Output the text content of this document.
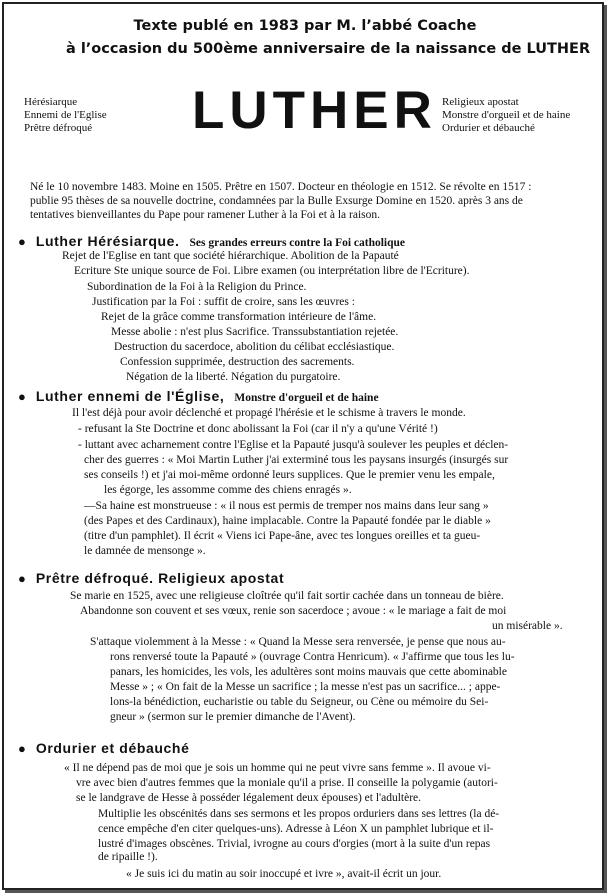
Texte publé en 1983 par M. l’abbé Coache
à l’occasion du 500ème anniversaire de la naissance de LUTHER
Hérésiarque
Ennemi de l'Eglise
Prêtre défroqué LUTHER Religieux apostat
Monstre d'orgueil et de haine
Ordurier et débauché
Né le 10 novembre 1483. Moine en 1505. Prêtre en 1507. Docteur en théologie en 1512. Se révolte en 1517 :
publie 95 thèses de sa nouvelle doctrine, condamnées par la Bulle Exsurge Domine en 1520. après 3 ans de
tentatives bienveillantes du Pape pour ramener Luther à la Foi et à la raison.
● Luther Hérésiarque. Ses grandes erreurs contre la Foi catholique
Rejet de l'Eglise en tant que société hiérarchique. Abolition de la Papauté
Ecriture Ste unique source de Foi. Libre examen (ou interprétation libre de l'Ecriture).
Subordination de la Foi à la Religion du Prince.
Justification par la Foi : suffit de croire, sans les œuvres :
Rejet de la grâce comme transformation intérieure de l'âme.
Messe abolie : n'est plus Sacrifice. Transsubstantiation rejetée.
Destruction du sacerdoce, abolition du célibat ecclésiastique.
Confession supprimée, destruction des sacrements.
Négation de la liberté. Négation du purgatoire.
● Luther ennemi de l'Église, Monstre d'orgueil et de haine
Il l'est déjà pour avoir déclenché et propagé l'hérésie et le schisme à travers le monde.
- refusant la Ste Doctrine et donc abolissant la Foi (car il n'y a qu'une Vérité !)
- luttant avec acharnement contre l'Eglise et la Papauté jusqu'à soulever les peuples et déclen-
cher des guerres : « Moi Martin Luther j'ai exterminé tous les paysans insurgés (insurgés sur
ses conseils !) et j'ai moi-même ordonné leurs supplices. Que le premier venu les empale,
les égorge, les assomme comme des chiens enragés ».
—Sa haine est monstrueuse : « il nous est permis de tremper nos mains dans leur sang »
(des Papes et des Cardinaux), haine implacable. Contre la Papauté fondée par le diable »
(titre d'un pamphlet). Il écrit « Viens ici Pape-âne, avec tes longues oreilles et ta gueu-
le damnée de mensonge ».
● Prêtre défroqué. Religieux apostat
Se marie en 1525, avec une religieuse cloîtrée qu'il fait sortir cachée dans un tonneau de bière.
Abandonne son couvent et ses vœux, renie son sacerdoce ; avoue : « le mariage a fait de moi
un misérable ».
S'attaque violemment à la Messe : « Quand la Messe sera renversée, je pense que nous au-
rons renversé toute la Papauté » (ouvrage Contra Henricum). « J'affirme que tous les lu-
panars, les homicides, les vols, les adultères sont moins mauvais que cette abominable
Messe » ; « On fait de la Messe un sacrifice ; la messe n'est pas un sacrifice... ; appe-
lons-la bénédiction, eucharistie ou table du Seigneur, ou Cène ou mémoire du Sei-
gneur » (sermon sur le premier dimanche de l'Avent).
● Ordurier et débauché
« Il ne dépend pas de moi que je sois un homme qui ne peut vivre sans femme ». Il avoue vi-
vre avec bien d'autres femmes que la moniale qu'il a prise. Il conseille la polygamie (autori-
se le landgrave de Hesse à posséder légalement deux épouses) et l'adultère.
Multiplie les obscénités dans ses sermons et les propos orduriers dans ses lettres (la dé-
cence empêche d'en citer quelques-uns). Adresse à Léon X un pamphlet lubrique et il-
lustré d'images obscènes. Trivial, ivrogne au cours d'orgies (mort à la suite d'un repas
de ripaille !).
« Je suis ici du matin au soir inoccupé et ivre », avait-il écrit un jour.
